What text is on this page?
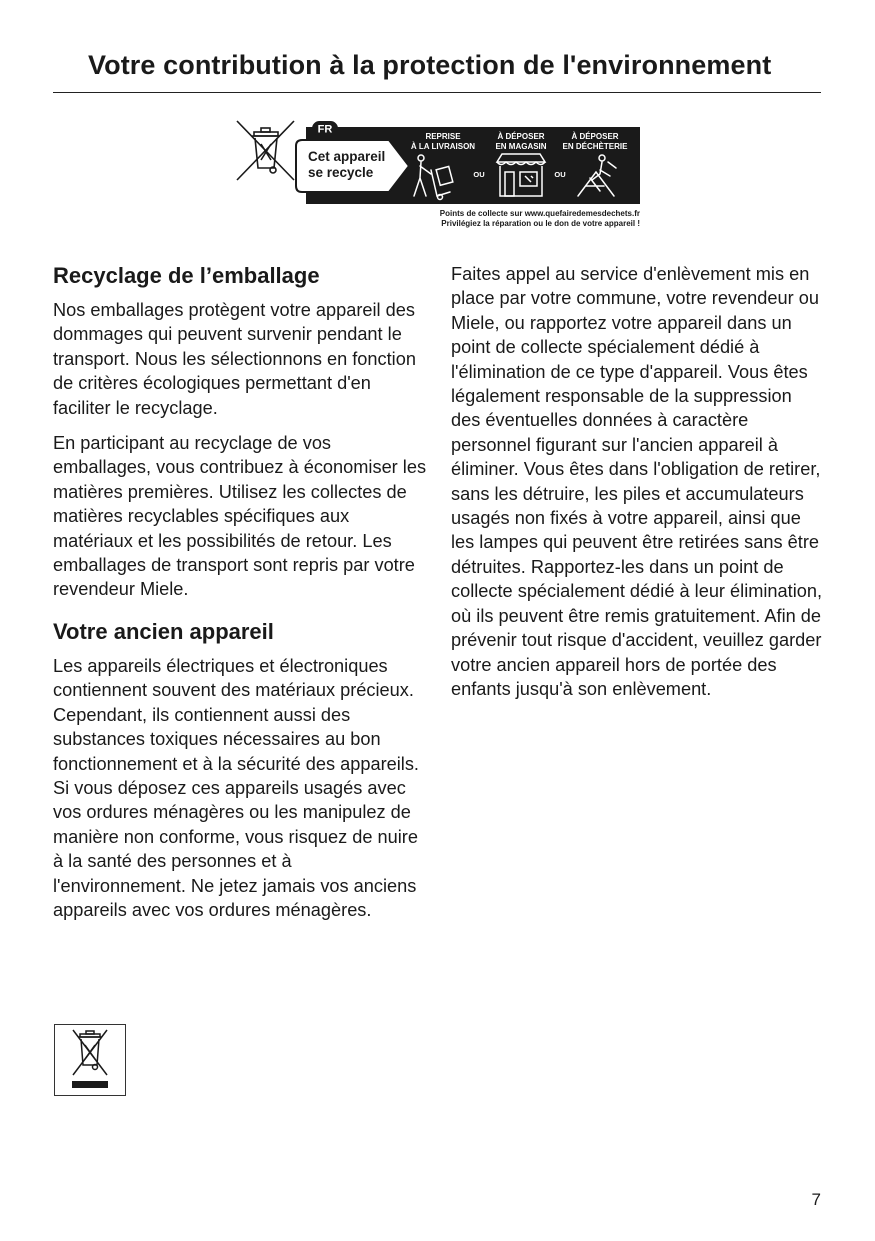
Votre contribution à la protection de l'environnement
FR
Cet appareil
se recycle
REPRISE
À LA LIVRAISON
À DÉPOSER
EN MAGASIN
À DÉPOSER
EN DÉCHÈTERIE
OU	OU
Points de collecte sur www.quefairedemesdechets.fr
Privilégiez la réparation ou le don de votre appareil !
Recyclage de l’emballage

Nos emballages protègent votre appareil des dommages qui peuvent survenir pendant le transport. Nous les sélectionnons en fonction de critères écologiques permettant d'en faciliter le recyclage.

En participant au recyclage de vos emballages, vous contribuez à économiser les matières premières. Utilisez les collectes de matières recyclables spécifiques aux matériaux et les possibilités de retour. Les emballages de transport sont repris par votre revendeur Miele.

Votre ancien appareil

Les appareils électriques et électroniques contiennent souvent des matériaux précieux. Cependant, ils contiennent aussi des substances toxiques nécessaires au bon fonctionnement et à la sécurité des appareils. Si vous déposez ces appareils usagés avec vos ordures ménagères ou les manipulez de manière non conforme, vous risquez de nuire à la santé des personnes et à l'environnement. Ne jetez jamais vos anciens appareils avec vos ordures ménagères.

Faites appel au service d'enlèvement mis en place par votre commune, votre revendeur ou Miele, ou rapportez votre appareil dans un point de collecte spécialement dédié à l'élimination de ce type d'appareil. Vous êtes légalement responsable de la suppression des éventuelles données à caractère personnel figurant sur l'ancien appareil à éliminer. Vous êtes dans l'obligation de retirer, sans les détruire, les piles et accumulateurs usagés non fixés à votre appareil, ainsi que les lampes qui peuvent être retirées sans être détruites. Rapportez-les dans un point de collecte spécialement dédié à leur élimination, où ils peuvent être remis gratuitement. Afin de prévenir tout risque d'accident, veuillez garder votre ancien appareil hors de portée des enfants jusqu'à son enlèvement.

7
